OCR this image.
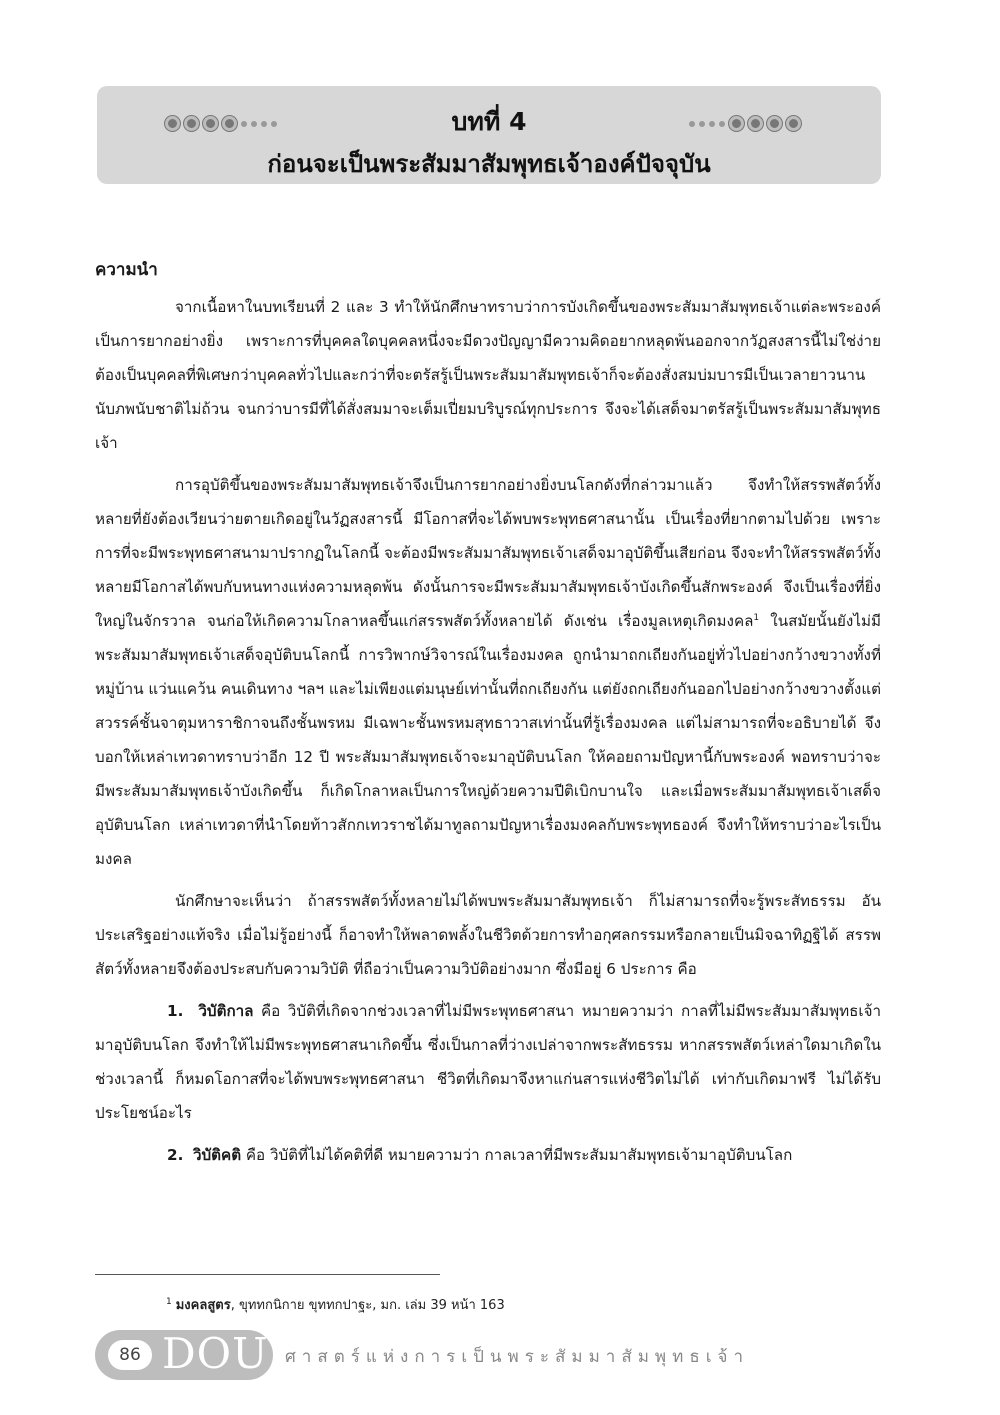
บทที่ 4
ก่อนจะเป็นพระสัมมาสัมพุทธเจ้าองค์ปัจจุบัน
ความนำ

จากเนื้อหาในบทเรียนที่ 2 และ 3 ทำให้นักศึกษาทราบว่าการบังเกิดขึ้นของพระสัมมาสัมพุทธเจ้าแต่ละพระองค์เป็นการยากอย่างยิ่ง เพราะการที่บุคคลใดบุคคลหนึ่งจะมีดวงปัญญามีความคิดอยากหลุดพ้นออกจากวัฏสงสารนี้ไม่ใช่ง่ายต้องเป็นบุคคลที่พิเศษกว่าบุคคลทั่วไปและกว่าที่จะตรัสรู้เป็นพระสัมมาสัมพุทธเจ้าก็จะต้องสั่งสมบ่มบารมีเป็นเวลายาวนานนับภพนับชาติไม่ถ้วน จนกว่าบารมีที่ได้สั่งสมมาจะเต็มเปี่ยมบริบูรณ์ทุกประการ จึงจะได้เสด็จมาตรัสรู้เป็นพระสัมมาสัมพุทธเจ้า

การอุบัติขึ้นของพระสัมมาสัมพุทธเจ้าจึงเป็นการยากอย่างยิ่งบนโลกดังที่กล่าวมาแล้ว จึงทำให้สรรพสัตว์ทั้งหลายที่ยังต้องเวียนว่ายตายเกิดอยู่ในวัฏสงสารนี้ มีโอกาสที่จะได้พบพระพุทธศาสนานั้น เป็นเรื่องที่ยากตามไปด้วย เพราะการที่จะมีพระพุทธศาสนามาปรากฏในโลกนี้ จะต้องมีพระสัมมาสัมพุทธเจ้าเสด็จมาอุบัติขึ้นเสียก่อน จึงจะทำให้สรรพสัตว์ทั้งหลายมีโอกาสได้พบกับหนทางแห่งความหลุดพ้น ดังนั้นการจะมีพระสัมมาสัมพุทธเจ้าบังเกิดขึ้นสักพระองค์ จึงเป็นเรื่องที่ยิ่งใหญ่ในจักรวาล จนก่อให้เกิดความโกลาหลขึ้นแก่สรรพสัตว์ทั้งหลายได้ ดังเช่น เรื่องมูลเหตุเกิดมงคล$^1$ ในสมัยนั้นยังไม่มีพระสัมมาสัมพุทธเจ้าเสด็จอุบัติบนโลกนี้ การวิพากษ์วิจารณ์ในเรื่องมงคล ถูกนำมาถกเถียงกันอยู่ทั่วไปอย่างกว้างขวางทั้งที่หมู่บ้าน แว่นแคว้น คนเดินทาง ฯลฯ และไม่เพียงแต่มนุษย์เท่านั้นที่ถกเถียงกัน แต่ยังถกเถียงกันออกไปอย่างกว้างขวางตั้งแต่สวรรค์ชั้นจาตุมหาราชิกาจนถึงชั้นพรหม มีเฉพาะชั้นพรหมสุทธาวาสเท่านั้นที่รู้เรื่องมงคล แต่ไม่สามารถที่จะอธิบายได้ จึงบอกให้เหล่าเทวดาทราบว่าอีก 12 ปี พระสัมมาสัมพุทธเจ้าจะมาอุบัติบนโลก ให้คอยถามปัญหานี้กับพระองค์ พอทราบว่าจะมีพระสัมมาสัมพุทธเจ้าบังเกิดขึ้น ก็เกิดโกลาหลเป็นการใหญ่ด้วยความปีติเบิกบานใจ และเมื่อพระสัมมาสัมพุทธเจ้าเสด็จอุบัติบนโลก เหล่าเทวดาที่นำโดยท้าวสักกเทวราชได้มาทูลถามปัญหาเรื่องมงคลกับพระพุทธองค์ จึงทำให้ทราบว่าอะไรเป็นมงคล

นักศึกษาจะเห็นว่า ถ้าสรรพสัตว์ทั้งหลายไม่ได้พบพระสัมมาสัมพุทธเจ้า ก็ไม่สามารถที่จะรู้พระสัทธรรม อันประเสริฐอย่างแท้จริง เมื่อไม่รู้อย่างนี้ ก็อาจทำให้พลาดพลั้งในชีวิตด้วยการทำอกุศลกรรมหรือกลายเป็นมิจฉาทิฏฐิได้ สรรพสัตว์ทั้งหลายจึงต้องประสบกับความวิบัติ ที่ถือว่าเป็นความวิบัติอย่างมาก ซึ่งมีอยู่ 6 ประการ คือ

1. วิบัติกาล คือ วิบัติที่เกิดจากช่วงเวลาที่ไม่มีพระพุทธศาสนา หมายความว่า กาลที่ไม่มีพระสัมมาสัมพุทธเจ้ามาอุบัติบนโลก จึงทำให้ไม่มีพระพุทธศาสนาเกิดขึ้น ซึ่งเป็นกาลที่ว่างเปล่าจากพระสัทธรรม หากสรรพสัตว์เหล่าใดมาเกิดในช่วงเวลานี้ ก็หมดโอกาสที่จะได้พบพระพุทธศาสนา ชีวิตที่เกิดมาจึงหาแก่นสารแห่งชีวิตไม่ได้ เท่ากับเกิดมาฟรี ไม่ได้รับประโยชน์อะไร

2. วิบัติคติ คือ วิบัติที่ไม่ได้คติที่ดี หมายความว่า กาลเวลาที่มีพระสัมมาสัมพุทธเจ้ามาอุบัติบนโลก

$^1$ มงคลสูตร, ขุททกนิกาย ขุททกปาฐะ, มก. เล่ม 39 หน้า 163
86 DOU ศาสตร์แห่งการเป็นพระสัมมาสัมพุทธเจ้า
